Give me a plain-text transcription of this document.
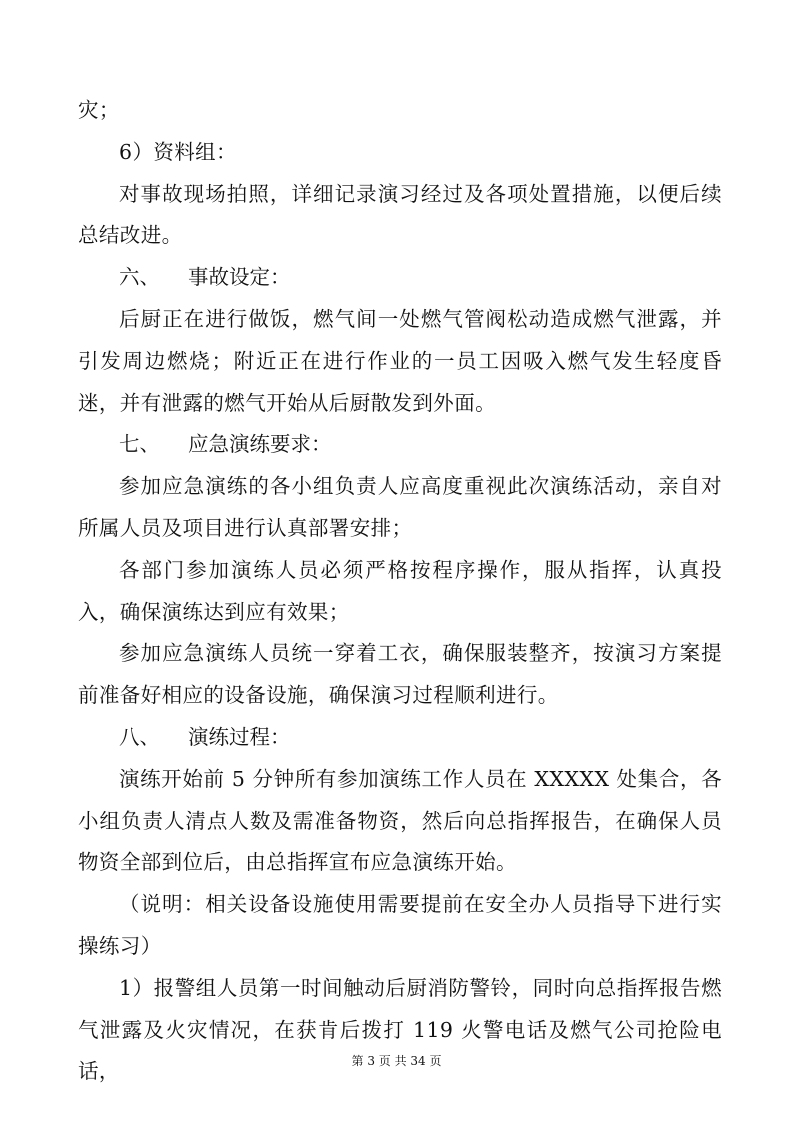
灾；

6）资料组：

对事故现场拍照，详细记录演习经过及各项处置措施，以便后续总结改进。

六、 事故设定：

后厨正在进行做饭，燃气间一处燃气管阀松动造成燃气泄露，并引发周边燃烧；附近正在进行作业的一员工因吸入燃气发生轻度昏迷，并有泄露的燃气开始从后厨散发到外面。

七、 应急演练要求：

参加应急演练的各小组负责人应高度重视此次演练活动，亲自对所属人员及项目进行认真部署安排；

各部门参加演练人员必须严格按程序操作，服从指挥，认真投入，确保演练达到应有效果；

参加应急演练人员统一穿着工衣，确保服装整齐，按演习方案提前准备好相应的设备设施，确保演习过程顺利进行。

八、 演练过程：

演练开始前 5 分钟所有参加演练工作人员在 XXXXX 处集合，各小组负责人清点人数及需准备物资，然后向总指挥报告，在确保人员物资全部到位后，由总指挥宣布应急演练开始。

（说明：相关设备设施使用需要提前在安全办人员指导下进行实操练习）

1）报警组人员第一时间触动后厨消防警铃，同时向总指挥报告燃气泄露及火灾情况，在获肯后拨打 119 火警电话及燃气公司抢险电话，	第 3 页 共 34 页
